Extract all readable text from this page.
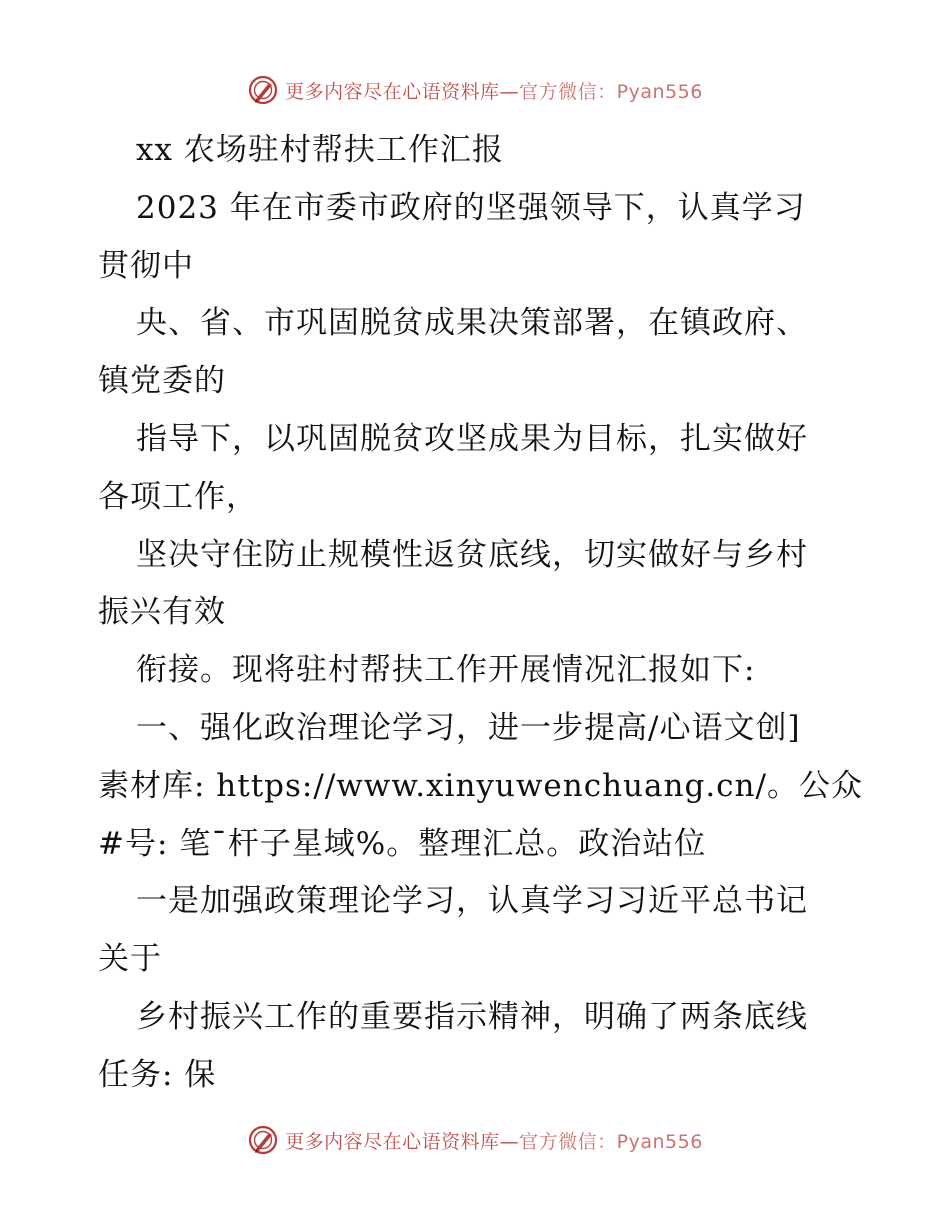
更多内容尽在心语资料库—官方微信：Pyan556
xx 农场驻村帮扶工作汇报
2023 年在市委市政府的坚强领导下，认真学习
贯彻中
央、省、市巩固脱贫成果决策部署，在镇政府、
镇党委的
指导下，以巩固脱贫攻坚成果为目标，扎实做好
各项工作，
坚决守住防止规模性返贫底线，切实做好与乡村
振兴有效
衔接。现将驻村帮扶工作开展情况汇报如下:
一、强化政治理论学习，进一步提高/心语文创]
素材库: https://www.xinyuwenchuang.cn/。公众
#号: 笔¯杆子星域%。整理汇总。政治站位
一是加强政策理论学习，认真学习习近平总书记
关于
乡村振兴工作的重要指示精神，明确了两条底线
任务: 保
更多内容尽在心语资料库—官方微信：Pyan556
